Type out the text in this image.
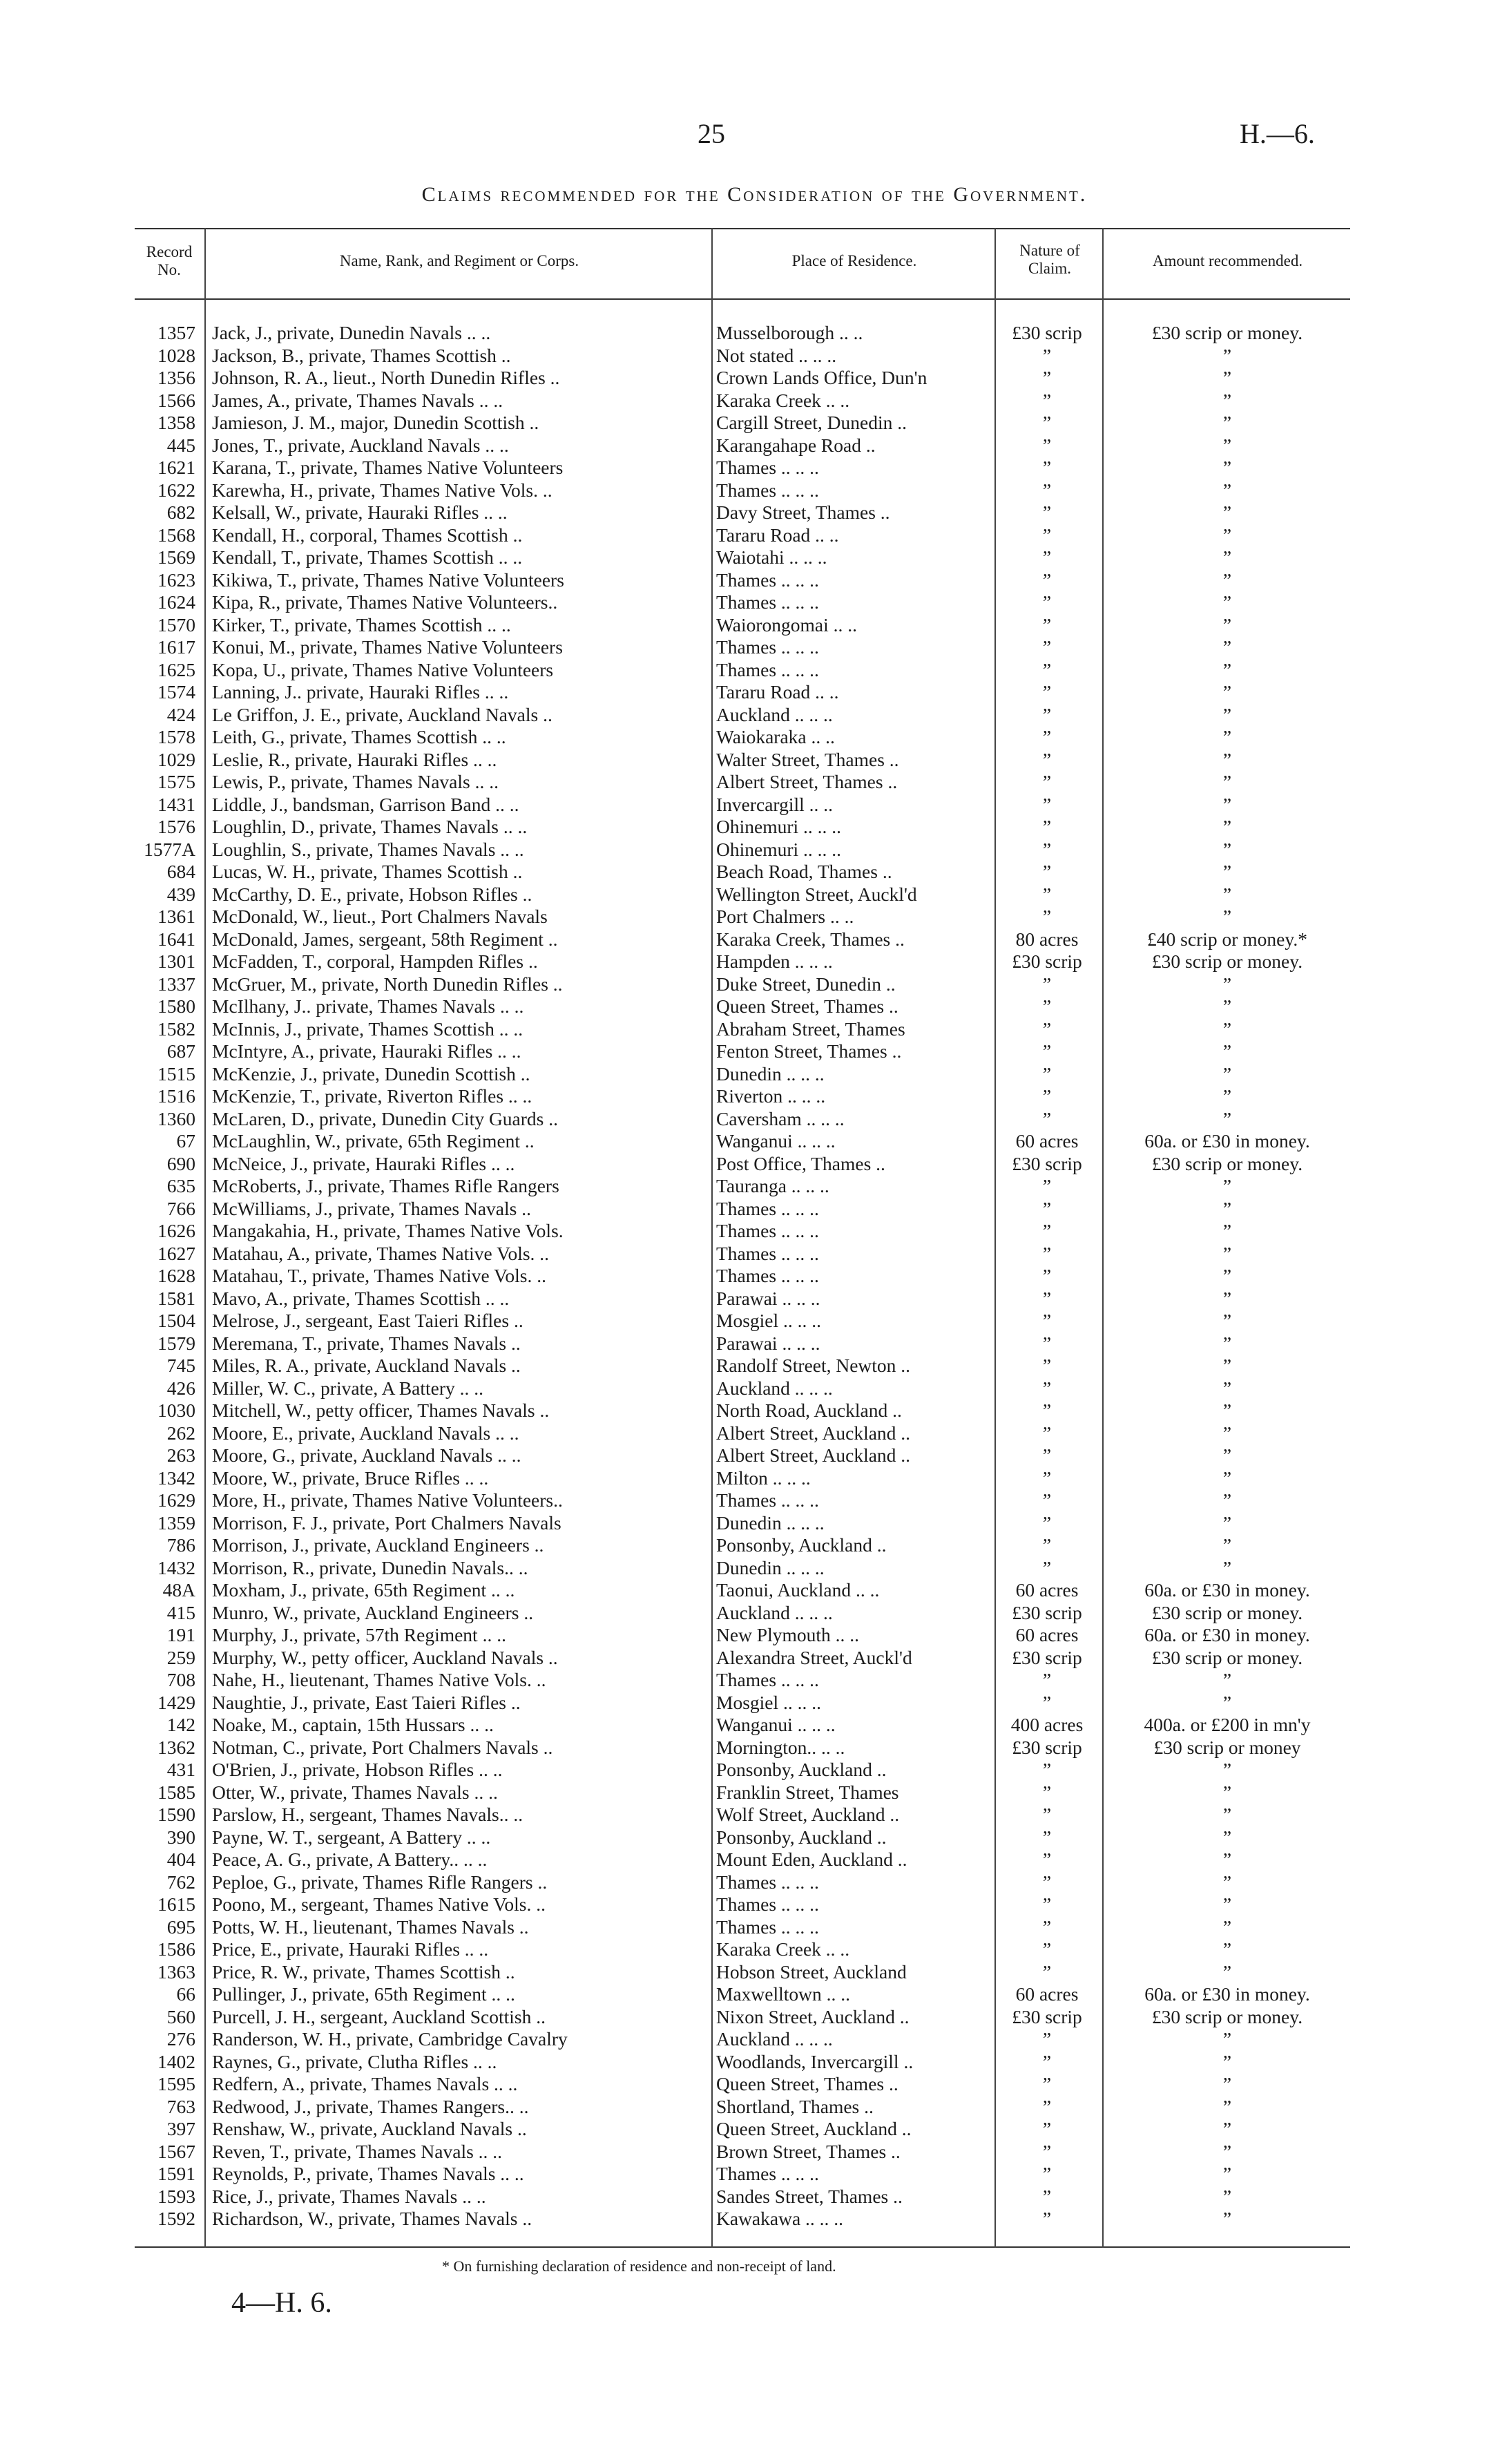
25	H.—6.
Claims recommended for the Consideration of the Government.
Record No.
Name, Rank, and Regiment or Corps.	Place of Residence.
Nature of Claim.	Amount recommended.
1357 Jack, J., private, Dunedin Navals .. ..	Musselborough .. ..	£30 scrip	£30 scrip or money.
1028 Jackson, B., private, Thames Scottish ..	Not stated .. .. ..	”	”
1356 Johnson, R. A., lieut., North Dunedin Rifles ..	Crown Lands Office, Dun'n	”	”
1566 James, A., private, Thames Navals .. ..	Karaka Creek .. ..	”	”
1358 Jamieson, J. M., major, Dunedin Scottish ..	Cargill Street, Dunedin ..	”	”
445 Jones, T., private, Auckland Navals .. ..	Karangahape Road ..	”	”
1621 Karana, T., private, Thames Native Volunteers	Thames .. .. ..	”	”
1622 Karewha, H., private, Thames Native Vols. ..	Thames .. .. ..	”	”
682 Kelsall, W., private, Hauraki Rifles .. ..	Davy Street, Thames ..	”	”
1568 Kendall, H., corporal, Thames Scottish ..	Tararu Road .. ..	”	”
1569 Kendall, T., private, Thames Scottish .. ..	Waiotahi .. .. ..	”	”
1623 Kikiwa, T., private, Thames Native Volunteers	Thames .. .. ..	”	”
1624 Kipa, R., private, Thames Native Volunteers..	Thames .. .. ..	”	”
1570 Kirker, T., private, Thames Scottish .. ..	Waiorongomai .. ..	”	”
1617 Konui, M., private, Thames Native Volunteers	Thames .. .. ..	”	”
1625 Kopa, U., private, Thames Native Volunteers	Thames .. .. ..	”	”
1574 Lanning, J.. private, Hauraki Rifles .. ..	Tararu Road .. ..	”	”
424 Le Griffon, J. E., private, Auckland Navals ..	Auckland .. .. ..	”	”
1578 Leith, G., private, Thames Scottish .. ..	Waiokaraka .. ..	”	”
1029 Leslie, R., private, Hauraki Rifles .. ..	Walter Street, Thames ..	”	”
1575 Lewis, P., private, Thames Navals .. ..	Albert Street, Thames ..	”	”
1431 Liddle, J., bandsman, Garrison Band .. ..	Invercargill .. ..	”	”
1576 Loughlin, D., private, Thames Navals .. ..	Ohinemuri .. .. ..	”	”
1577A Loughlin, S., private, Thames Navals .. ..	Ohinemuri .. .. ..	”	”
684 Lucas, W. H., private, Thames Scottish ..	Beach Road, Thames ..	”	”
439 McCarthy, D. E., private, Hobson Rifles ..	Wellington Street, Auckl'd	”	”
1361 McDonald, W., lieut., Port Chalmers Navals	Port Chalmers .. ..	”	”
1641 McDonald, James, sergeant, 58th Regiment ..	Karaka Creek, Thames ..	80 acres	£40 scrip or money.*
1301 McFadden, T., corporal, Hampden Rifles ..	Hampden .. .. ..	£30 scrip	£30 scrip or money.
1337 McGruer, M., private, North Dunedin Rifles ..	Duke Street, Dunedin ..	”	”
1580 McIlhany, J.. private, Thames Navals .. ..	Queen Street, Thames ..	”	”
1582 McInnis, J., private, Thames Scottish .. ..	Abraham Street, Thames	”	”
687 McIntyre, A., private, Hauraki Rifles .. ..	Fenton Street, Thames ..	”	”
1515 McKenzie, J., private, Dunedin Scottish ..	Dunedin .. .. ..	”	”
1516 McKenzie, T., private, Riverton Rifles .. ..	Riverton .. .. ..	”	”
1360 McLaren, D., private, Dunedin City Guards ..	Caversham .. .. ..	”	”
67 McLaughlin, W., private, 65th Regiment ..	Wanganui .. .. ..	60 acres	60a. or £30 in money.
690 McNeice, J., private, Hauraki Rifles .. ..	Post Office, Thames ..	£30 scrip	£30 scrip or money.
635 McRoberts, J., private, Thames Rifle Rangers	Tauranga .. .. ..	”	”
766 McWilliams, J., private, Thames Navals ..	Thames .. .. ..	”	”
1626 Mangakahia, H., private, Thames Native Vols.	Thames .. .. ..	”	”
1627 Matahau, A., private, Thames Native Vols. ..	Thames .. .. ..	”	”
1628 Matahau, T., private, Thames Native Vols. ..	Thames .. .. ..	”	”
1581 Mavo, A., private, Thames Scottish .. ..	Parawai .. .. ..	”	”
1504 Melrose, J., sergeant, East Taieri Rifles ..	Mosgiel .. .. ..	”	”
1579 Meremana, T., private, Thames Navals ..	Parawai .. .. ..	”	”
745 Miles, R. A., private, Auckland Navals ..	Randolf Street, Newton ..	”	”
426 Miller, W. C., private, A Battery .. ..	Auckland .. .. ..	”	”
1030 Mitchell, W., petty officer, Thames Navals ..	North Road, Auckland ..	”	”
262 Moore, E., private, Auckland Navals .. ..	Albert Street, Auckland ..	”	”
263 Moore, G., private, Auckland Navals .. ..	Albert Street, Auckland ..	”	”
1342 Moore, W., private, Bruce Rifles .. ..	Milton .. .. ..	”	”
1629 More, H., private, Thames Native Volunteers..	Thames .. .. ..	”	”
1359 Morrison, F. J., private, Port Chalmers Navals	Dunedin .. .. ..	”	”
786 Morrison, J., private, Auckland Engineers ..	Ponsonby, Auckland ..	”	”
1432 Morrison, R., private, Dunedin Navals.. ..	Dunedin .. .. ..	”	”
48A Moxham, J., private, 65th Regiment .. ..	Taonui, Auckland .. ..	60 acres	60a. or £30 in money.
415 Munro, W., private, Auckland Engineers ..	Auckland .. .. ..	£30 scrip	£30 scrip or money.
191 Murphy, J., private, 57th Regiment .. ..	New Plymouth .. ..	60 acres	60a. or £30 in money.
259 Murphy, W., petty officer, Auckland Navals ..	Alexandra Street, Auckl'd	£30 scrip	£30 scrip or money.
708 Nahe, H., lieutenant, Thames Native Vols. ..	Thames .. .. ..	”	”
1429 Naughtie, J., private, East Taieri Rifles ..	Mosgiel .. .. ..	”	”
142 Noake, M., captain, 15th Hussars .. ..	Wanganui .. .. ..	400 acres	400a. or £200 in mn'y
1362 Notman, C., private, Port Chalmers Navals ..	Mornington.. .. ..	£30 scrip	£30 scrip or money
431 O'Brien, J., private, Hobson Rifles .. ..	Ponsonby, Auckland ..	”	”
1585 Otter, W., private, Thames Navals .. ..	Franklin Street, Thames	”	”
1590 Parslow, H., sergeant, Thames Navals.. ..	Wolf Street, Auckland ..	”	”
390 Payne, W. T., sergeant, A Battery .. ..	Ponsonby, Auckland ..	”	”
404 Peace, A. G., private, A Battery.. .. ..	Mount Eden, Auckland ..	”	”
762 Peploe, G., private, Thames Rifle Rangers ..	Thames .. .. ..	”	”
1615 Poono, M., sergeant, Thames Native Vols. ..	Thames .. .. ..	”	”
695 Potts, W. H., lieutenant, Thames Navals ..	Thames .. .. ..	”	”
1586 Price, E., private, Hauraki Rifles .. ..	Karaka Creek .. ..	”	”
1363 Price, R. W., private, Thames Scottish ..	Hobson Street, Auckland	”	”
66 Pullinger, J., private, 65th Regiment .. ..	Maxwelltown .. ..	60 acres	60a. or £30 in money.
560 Purcell, J. H., sergeant, Auckland Scottish ..	Nixon Street, Auckland ..	£30 scrip	£30 scrip or money.
276 Randerson, W. H., private, Cambridge Cavalry	Auckland .. .. ..	”	”
1402 Raynes, G., private, Clutha Rifles .. ..	Woodlands, Invercargill ..	”	”
1595 Redfern, A., private, Thames Navals .. ..	Queen Street, Thames ..	”	”
763 Redwood, J., private, Thames Rangers.. ..	Shortland, Thames ..	”	”
397 Renshaw, W., private, Auckland Navals ..	Queen Street, Auckland ..	”	”
1567 Reven, T., private, Thames Navals .. ..	Brown Street, Thames ..	”	”
1591 Reynolds, P., private, Thames Navals .. ..	Thames .. .. ..	”	”
1593 Rice, J., private, Thames Navals .. ..	Sandes Street, Thames ..	”	”
1592 Richardson, W., private, Thames Navals ..	Kawakawa .. .. ..	”	”
* On furnishing declaration of residence and non-receipt of land.
4—H. 6.
